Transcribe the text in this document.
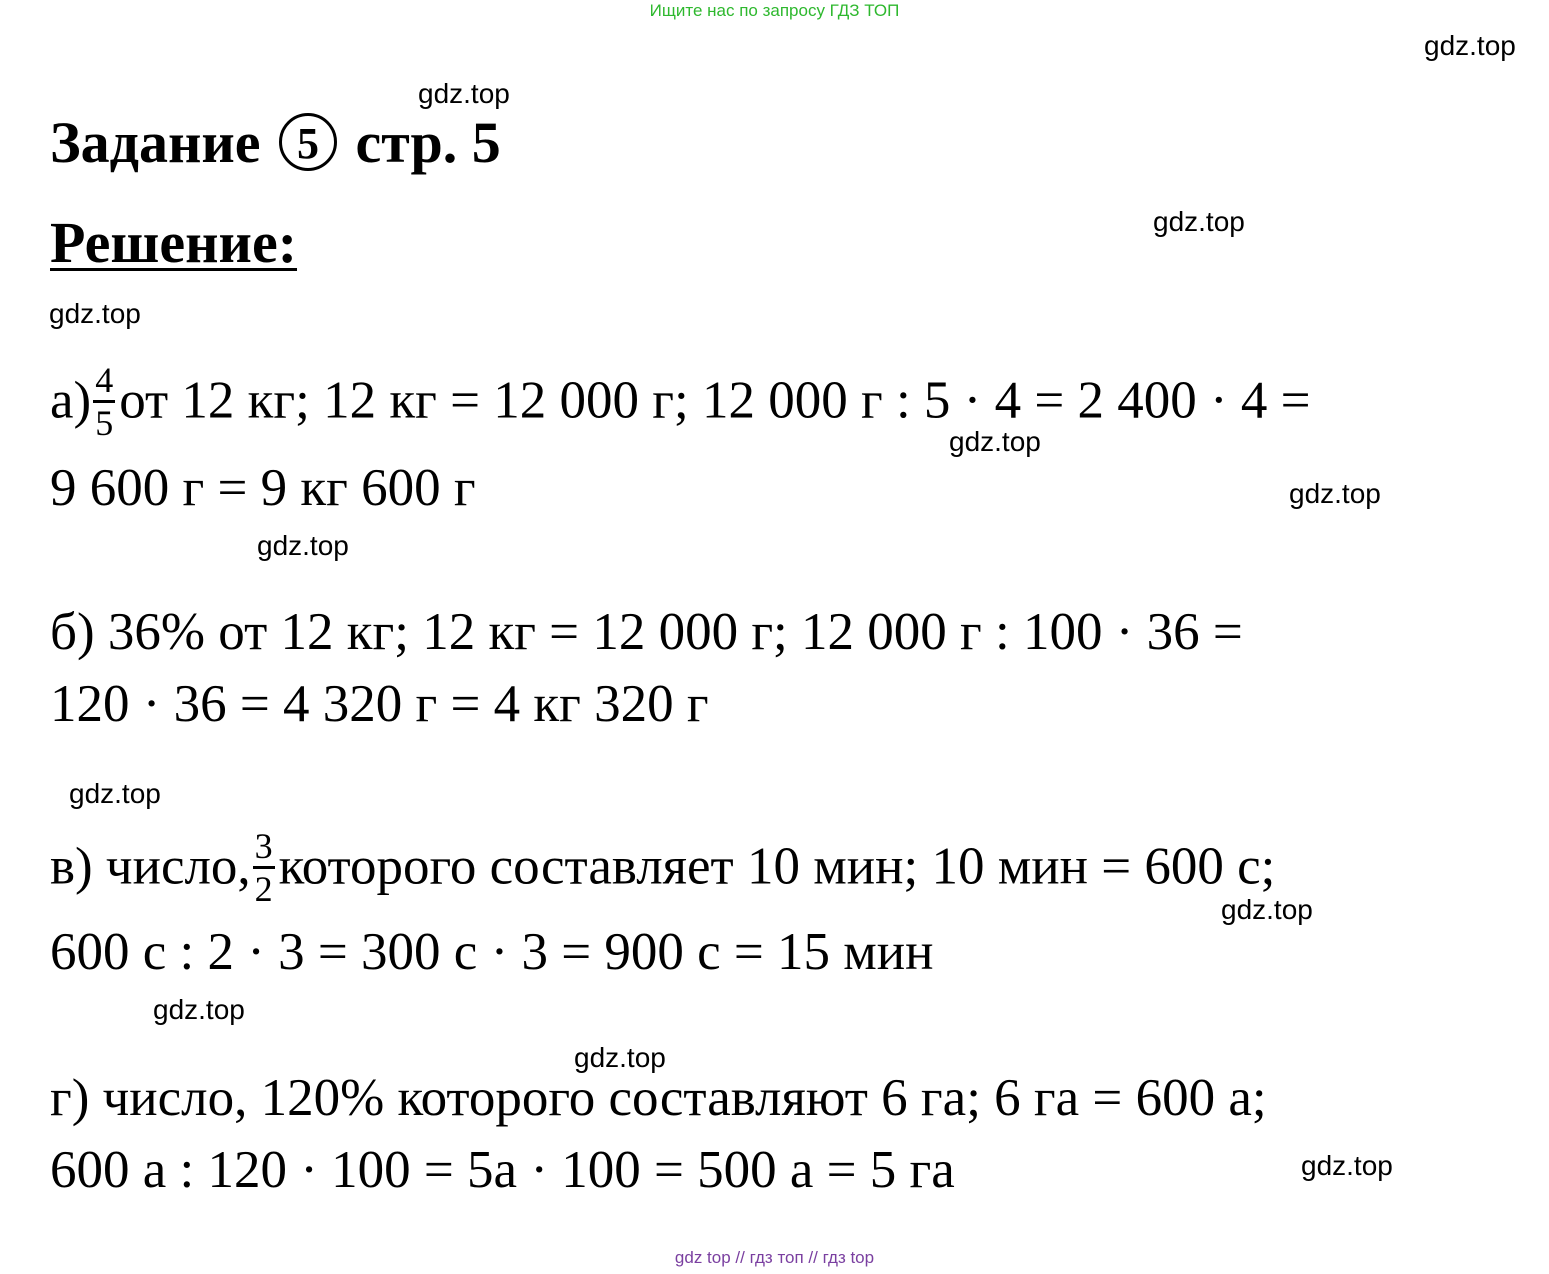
Ищите нас по запросу ГДЗ ТОП
gdz.top
gdz.top
gdz.top
gdz.top
gdz.top
gdz.top
gdz.top
gdz.top
gdz.top
gdz.top
gdz.top
gdz.top
Задание 5 стр. 5
Решение:
$а) \frac{4}{5}$ от 12 кг; 12 кг = 12 000 г; 12 000 г : 5 · 4 = 2 400 · 4 =
9 600 г = 9 кг 600 г
б) 36% от 12 кг; 12 кг = 12 000 г; 12 000 г : 100 · 36 =
120 · 36 = 4 320 г = 4 кг 320 г
в) число, $\frac{3}{2}$ которого составляет 10 мин; 10 мин = 600 с;
600 с : 2 · 3 = 300 с · 3 = 900 с = 15 мин
г) число, 120% которого составляют 6 га; 6 га = 600 а;
600 а : 120 · 100 = 5а · 100 = 500 а = 5 га
gdz top // гдз топ // гдз top
